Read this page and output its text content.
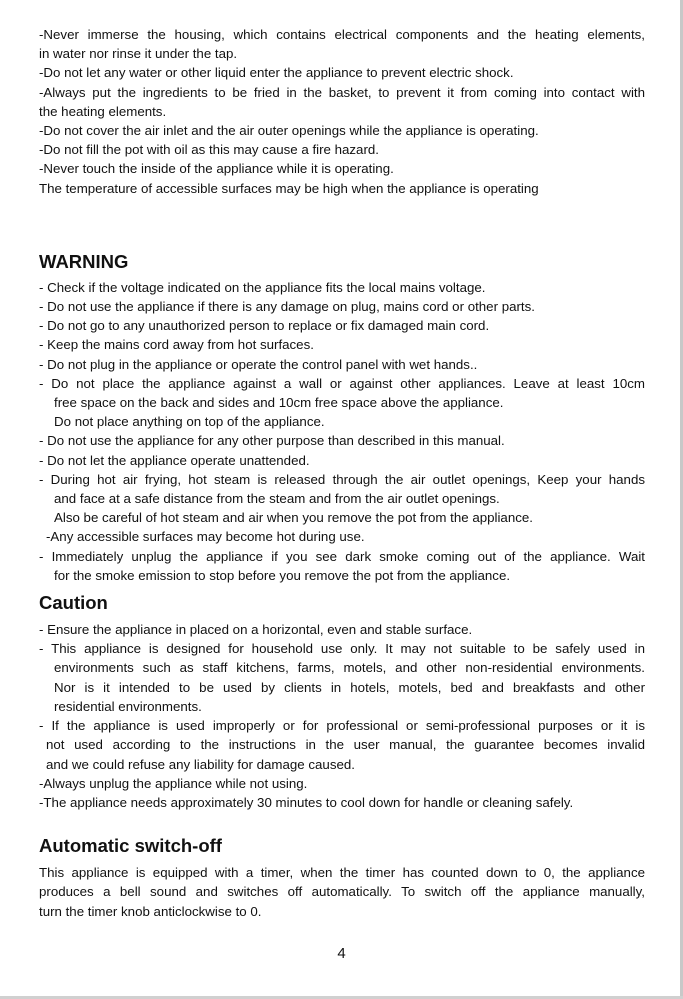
-Never immerse the housing, which contains electrical components and the heating elements,
in water nor rinse it under the tap.
-Do not let any water or other liquid enter the appliance to prevent electric shock.
-Always put the ingredients to be fried in the basket, to prevent it from coming into contact with
the heating elements.
-Do not cover the air inlet and the air outer openings while the appliance is operating.
-Do not fill the pot with oil as this may cause a fire hazard.
-Never touch the inside of the appliance while it is operating.
The temperature of accessible surfaces may be high when the appliance is operating
WARNING
- Check if the voltage indicated on the appliance fits the local mains voltage.
- Do not use the appliance if there is any damage on plug, mains cord or other parts.
- Do not go to any unauthorized person to replace or fix damaged main cord.
- Keep the mains cord away from hot surfaces.
- Do not plug in the appliance or operate the control panel with wet hands..
- Do not place the appliance against a wall or against other appliances. Leave at least 10cm
free space on the back and sides and 10cm free space above the appliance.
Do not place anything on top of the appliance.
- Do not use the appliance for any other purpose than described in this manual.
- Do not let the appliance operate unattended.
- During hot air frying, hot steam is released through the air outlet openings, Keep your hands
and face at a safe distance from the steam and from the air outlet openings.
Also be careful of hot steam and air when you remove the pot from the appliance.
-Any accessible surfaces may become hot during use.
- Immediately unplug the appliance if you see dark smoke coming out of the appliance. Wait
for the smoke emission to stop before you remove the pot from the appliance.
Caution
- Ensure the appliance in placed on a horizontal, even and stable surface.
- This appliance is designed for household use only. It may not suitable to be safely used in
environments such as staff kitchens, farms, motels, and other non-residential environments.
Nor is it intended to be used by clients in hotels, motels, bed and breakfasts and other
residential environments.
- If the appliance is used improperly or for professional or semi-professional purposes or it is
not used according to the instructions in the user manual, the guarantee becomes invalid
and we could refuse any liability for damage caused.
-Always unplug the appliance while not using.
-The appliance needs approximately 30 minutes to cool down for handle or cleaning safely.
Automatic switch-off
This appliance is equipped with a timer, when the timer has counted down to 0, the appliance
produces a bell sound and switches off automatically. To switch off the appliance manually,
turn the timer knob anticlockwise to 0.
4
